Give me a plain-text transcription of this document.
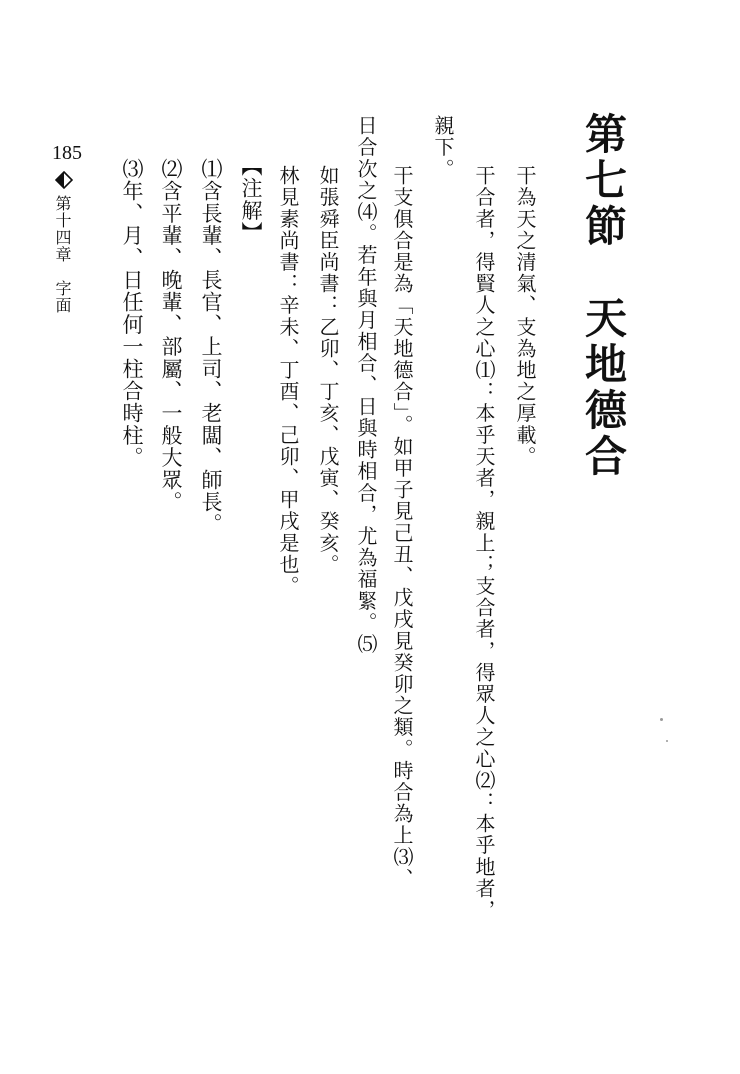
第七節　天地德合
干為天之清氣、支為地之厚載。
干合者，得賢人之心⑴：本乎天者，親上；支合者，得眾人之心⑵：本乎地者，
親下。
干支俱合是為「天地德合」。如甲子見己丑、戊戌見癸卯之類。時合為上⑶、
日合次之⑷。若年與月相合、日與時相合，尤為福緊。⑸
如張舜臣尚書：乙卯、丁亥、戊寅、癸亥。
林見素尚書：辛未、丁酉、己卯、甲戌是也。
【注解】
⑴含長輩、長官、上司、老闆、師長。
⑵含平輩、晚輩、部屬、一般大眾。
⑶年、月、日任何一柱合時柱。
185
第十四章　字面
